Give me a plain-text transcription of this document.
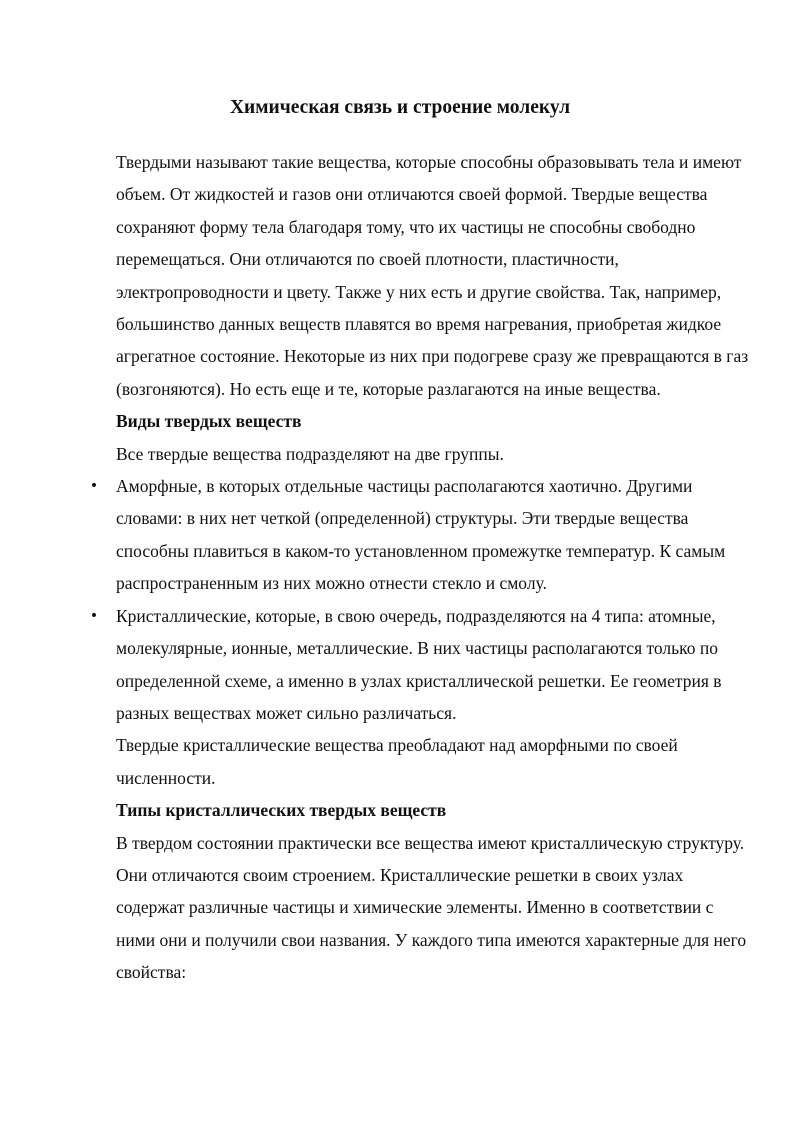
Химическая связь и строение молекул

Твердыми называют такие вещества, которые способны образовывать тела и имеют объем. От жидкостей и газов они отличаются своей формой. Твердые вещества сохраняют форму тела благодаря тому, что их частицы не способны свободно перемещаться. Они отличаются по своей плотности, пластичности, электропроводности и цвету. Также у них есть и другие свойства. Так, например, большинство данных веществ плавятся во время нагревания, приобретая жидкое агрегатное состояние. Некоторые из них при подогреве сразу же превращаются в газ (возгоняются). Но есть еще и те, которые разлагаются на иные вещества.

Виды твердых веществ

Все твердые вещества подразделяют на две группы.

• Аморфные, в которых отдельные частицы располагаются хаотично. Другими словами: в них нет четкой (определенной) структуры. Эти твердые вещества способны плавиться в каком-то установленном промежутке температур. К самым распространенным из них можно отнести стекло и смолу.

• Кристаллические, которые, в свою очередь, подразделяются на 4 типа: атомные, молекулярные, ионные, металлические. В них частицы располагаются только по определенной схеме, а именно в узлах кристаллической решетки. Ее геометрия в разных веществах может сильно различаться.

Твердые кристаллические вещества преобладают над аморфными по своей численности.

Типы кристаллических твердых веществ

В твердом состоянии практически все вещества имеют кристаллическую структуру. Они отличаются своим строением. Кристаллические решетки в своих узлах содержат различные частицы и химические элементы. Именно в соответствии с ними они и получили свои названия. У каждого типа имеются характерные для него свойства:
